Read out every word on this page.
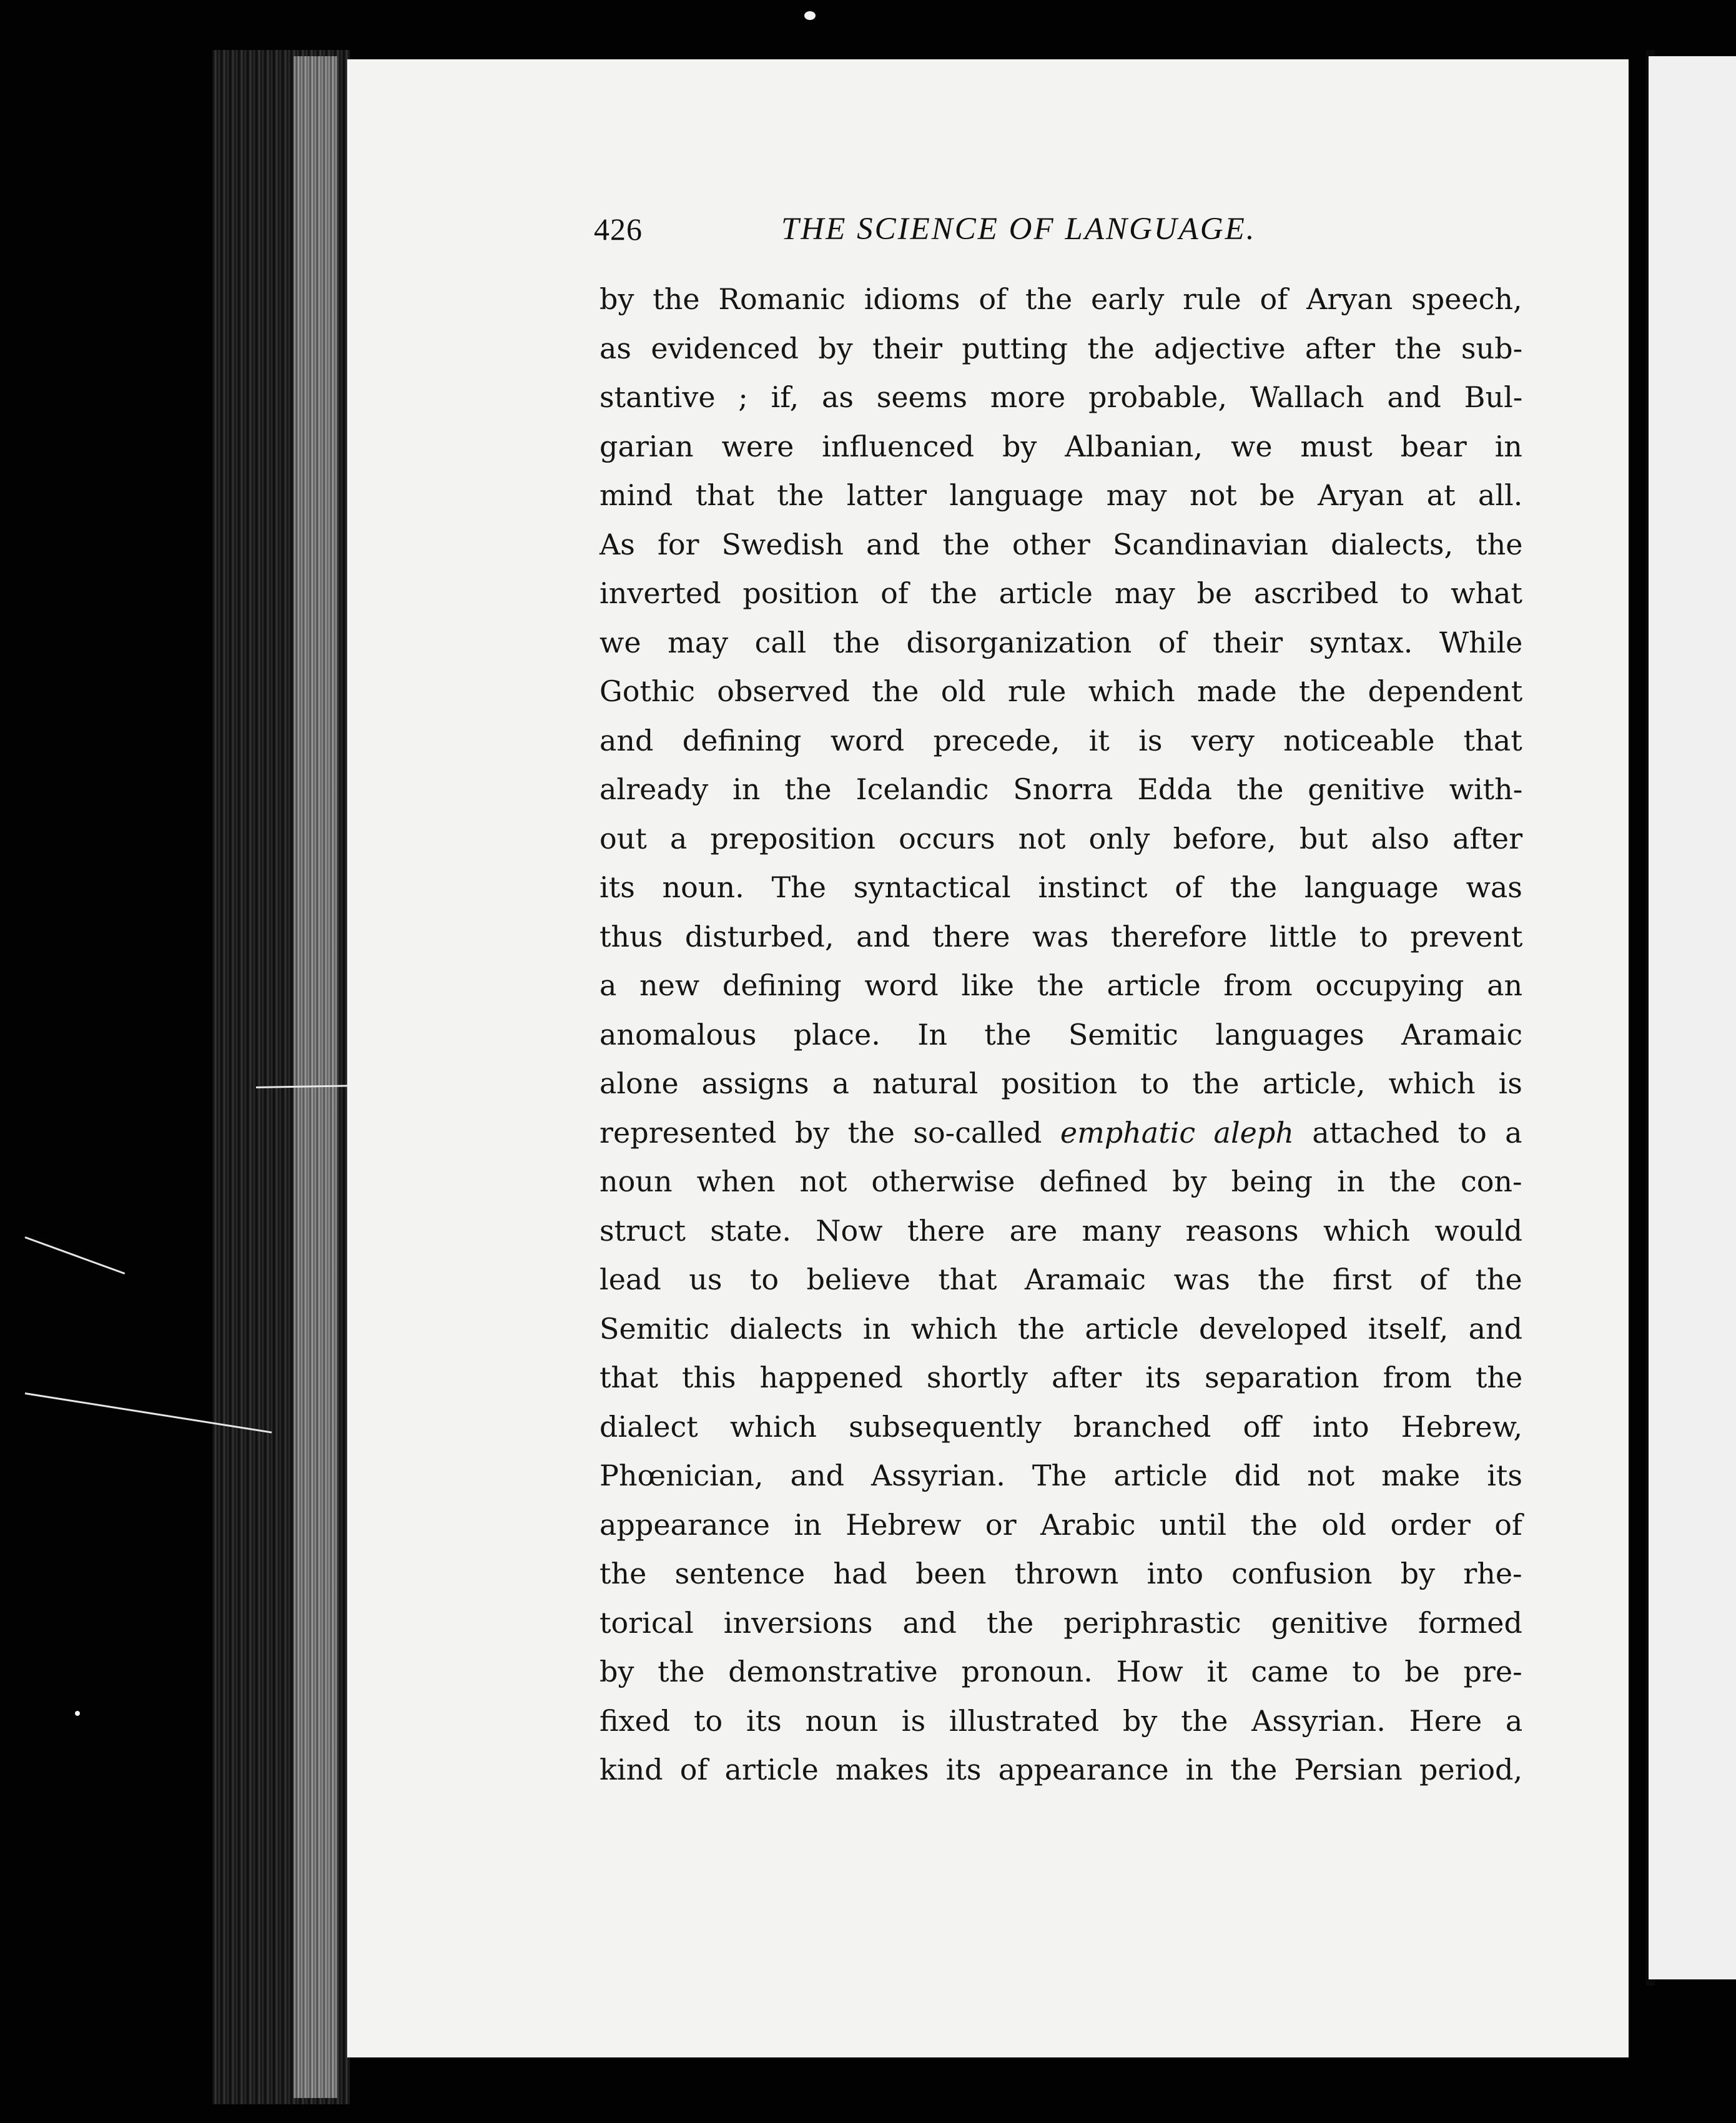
426	THE SCIENCE OF LANGUAGE.
by the Romanic idioms of the early rule of Aryan speech,
as evidenced by their putting the adjective after the sub-
stantive ; if, as seems more probable, Wallach and Bul-
garian were influenced by Albanian, we must bear in
mind that the latter language may not be Aryan at all.
As for Swedish and the other Scandinavian dialects, the
inverted position of the article may be ascribed to what
we may call the disorganization of their syntax. While
Gothic observed the old rule which made the dependent
and defining word precede, it is very noticeable that
already in the Icelandic Snorra Edda the genitive with-
out a preposition occurs not only before, but also after
its noun. The syntactical instinct of the language was
thus disturbed, and there was therefore little to prevent
a new defining word like the article from occupying an
anomalous place. In the Semitic languages Aramaic
alone assigns a natural position to the article, which is
represented by the so-called emphatic aleph attached to a
noun when not otherwise defined by being in the con-
struct state. Now there are many reasons which would
lead us to believe that Aramaic was the first of the
Semitic dialects in which the article developed itself, and
that this happened shortly after its separation from the
dialect which subsequently branched off into Hebrew,
Phœnician, and Assyrian. The article did not make its
appearance in Hebrew or Arabic until the old order of
the sentence had been thrown into confusion by rhe-
torical inversions and the periphrastic genitive formed
by the demonstrative pronoun. How it came to be pre-
fixed to its noun is illustrated by the Assyrian. Here a
kind of article makes its appearance in the Persian period,
